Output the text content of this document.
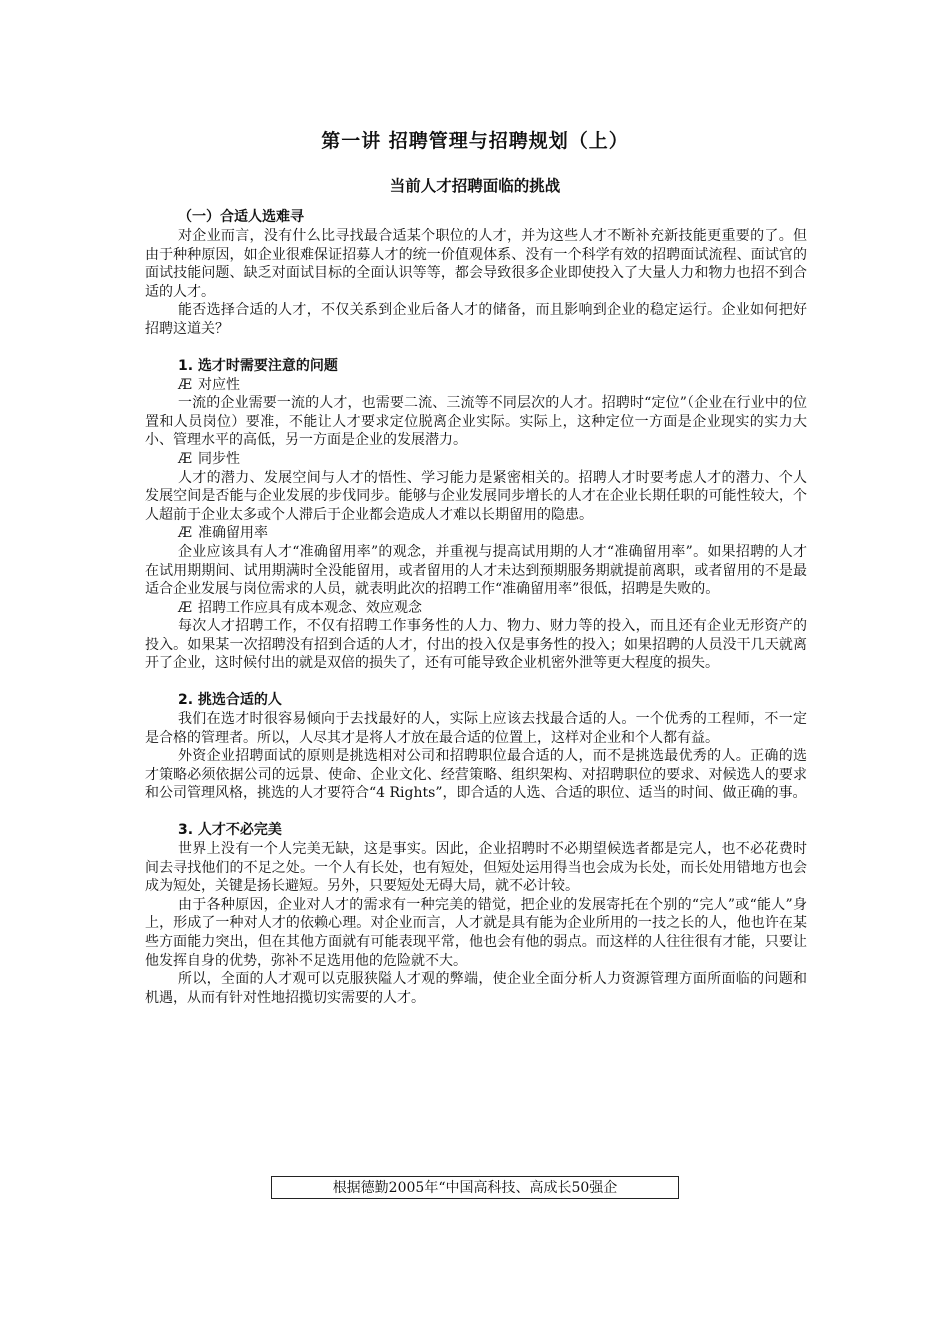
第一讲 招聘管理与招聘规划（上）
当前人才招聘面临的挑战
（一）合适人选难寻

对企业而言，没有什么比寻找最合适某个职位的人才，并为这些人才不断补充新技能更重要的了。但由于种种原因，如企业很难保证招募人才的统一价值观体系、没有一个科学有效的招聘面试流程、面试官的面试技能问题、缺乏对面试目标的全面认识等等，都会导致很多企业即使投入了大量人力和物力也招不到合适的人才。

能否选择合适的人才，不仅关系到企业后备人才的储备，而且影响到企业的稳定运行。企业如何把好招聘这道关？

1. 选才时需要注意的问题
Æ 对应性

一流的企业需要一流的人才，也需要二流、三流等不同层次的人才。招聘时“定位”（企业在行业中的位置和人员岗位）要准，不能让人才要求定位脱离企业实际。实际上，这种定位一方面是企业现实的实力大小、管理水平的高低，另一方面是企业的发展潜力。

Æ 同步性

人才的潜力、发展空间与人才的悟性、学习能力是紧密相关的。招聘人才时要考虑人才的潜力、个人发展空间是否能与企业发展的步伐同步。能够与企业发展同步增长的人才在企业长期任职的可能性较大，个人超前于企业太多或个人滞后于企业都会造成人才难以长期留用的隐患。

Æ 准确留用率

企业应该具有人才“准确留用率”的观念，并重视与提高试用期的人才“准确留用率”。如果招聘的人才在试用期期间、试用期满时全没能留用，或者留用的人才未达到预期服务期就提前离职，或者留用的不是最适合企业发展与岗位需求的人员，就表明此次的招聘工作“准确留用率”很低，招聘是失败的。

Æ 招聘工作应具有成本观念、效应观念

每次人才招聘工作，不仅有招聘工作事务性的人力、物力、财力等的投入，而且还有企业无形资产的投入。如果某一次招聘没有招到合适的人才，付出的投入仅是事务性的投入；如果招聘的人员没干几天就离开了企业，这时候付出的就是双倍的损失了，还有可能导致企业机密外泄等更大程度的损失。

2. 挑选合适的人

我们在选才时很容易倾向于去找最好的人，实际上应该去找最合适的人。一个优秀的工程师，不一定是合格的管理者。所以，人尽其才是将人才放在最合适的位置上，这样对企业和个人都有益。

外资企业招聘面试的原则是挑选相对公司和招聘职位最合适的人，而不是挑选最优秀的人。正确的选才策略必须依据公司的远景、使命、企业文化、经营策略、组织架构、对招聘职位的要求、对候选人的要求和公司管理风格，挑选的人才要符合“4 Rights”，即合适的人选、合适的职位、适当的时间、做正确的事。

3. 人才不必完美

世界上没有一个人完美无缺，这是事实。因此，企业招聘时不必期望候选者都是完人，也不必花费时间去寻找他们的不足之处。一个人有长处，也有短处，但短处运用得当也会成为长处，而长处用错地方也会成为短处，关键是扬长避短。另外，只要短处无碍大局，就不必计较。

由于各种原因，企业对人才的需求有一种完美的错觉，把企业的发展寄托在个别的“完人”或“能人”身上，形成了一种对人才的依赖心理。对企业而言，人才就是具有能为企业所用的一技之长的人，他也许在某些方面能力突出，但在其他方面就有可能表现平常，他也会有他的弱点。而这样的人往往很有才能，只要让他发挥自身的优势，弥补不足选用他的危险就不大。

所以，全面的人才观可以克服狭隘人才观的弊端，使企业全面分析人力资源管理方面所面临的问题和机遇，从而有针对性地招揽切实需要的人才。

根据德勤2005年“中国高科技、高成长50强企
